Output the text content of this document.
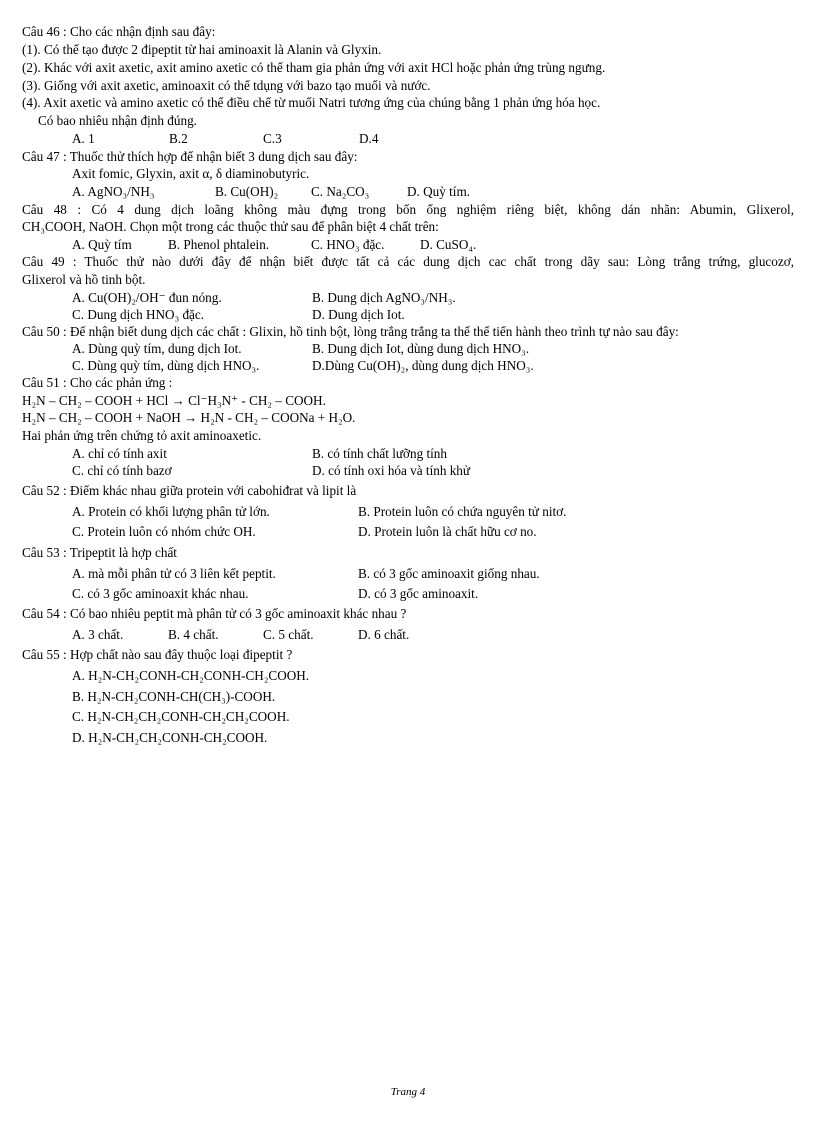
Câu 46 : Cho các nhận định sau đây:
(1). Có thể tạo được 2 đipeptit từ hai aminoaxit là Alanin và Glyxin.
(2). Khác với axit axetic, axit amino axetic có thể tham gia phản ứng với axit HCl hoặc phản ứng trùng ngưng.
(3). Giống với axit axetic, aminoaxit có thể tdụng với bazo tạo muối và nước.
(4). Axit axetic và amino axetic có thể điều chế từ muối Natri tương ứng của chúng bằng 1 phản ứng hóa học.
Có bao nhiêu nhận định đúng.
A. 1	B.2	C.3	D.4
Câu 47 : Thuốc thử thích hợp để nhận biết 3 dung dịch sau đây:
Axit fomic, Glyxin, axit α, δ diaminobutyric.
A. AgNO₃/NH₃	B. Cu(OH)₂ C. Na₂CO₃	D. Quỳ tím.
Câu 48 : Có 4 dung dịch loãng không màu đựng trong bốn ống nghiệm riêng biệt, không dán nhãn: Abumin, Glixerol,
CH₃COOH, NaOH. Chọn một trong các thuộc thử sau để phân biệt 4 chất trên:
A. Quỳ tím	B. Phenol phtalein.	C. HNO₃ đặc.	D. CuSO₄.
Câu 49 : Thuốc thử nào dưới đây để nhận biết được tất cả các dung dịch cac chất trong dãy sau: Lòng trắng trứng, glucozơ,
Glixerol và hồ tinh bột.
A. Cu(OH)₂/OH⁻ đun nóng.	B. Dung dịch AgNO₃/NH₃.
C. Dung dịch HNO₃ đặc.	D. Dung dịch Iot.
Câu 50 : Để nhận biết dung dịch các chất : Glixin, hồ tinh bột, lòng trắng trắng ta thể thể tiến hành theo trình tự nào sau đây:
A. Dùng quỳ tím, dung dịch Iot.	B. Dung dịch Iot, dùng dung dịch HNO₃.
C. Dùng quỳ tím, dùng dịch HNO₃.	D.Dùng Cu(OH)₂, dùng dung dịch HNO₃.
Câu 51 : Cho các phản ứng :
H₂N – CH₂ – COOH + HCl → Cl⁻H₃N⁺ - CH₂ – COOH.
H₂N – CH₂ – COOH + NaOH → H₂N - CH₂ – COONa + H₂O.
Hai phản ứng trên chứng tỏ axit aminoaxetic.
A. chỉ có tính axit	B. có tính chất lưỡng tính
C. chỉ có tính bazơ	D. có tính oxi hóa và tính khử
Câu 52 : Điểm khác nhau giữa protein với cabohiđrat và lipit là
A. Protein có khối lượng phân tử lớn.	B. Protein luôn có chứa nguyên tử nitơ.
C. Protein luôn có nhóm chức OH.	D. Protein luôn là chất hữu cơ no.
Câu 53 : Tripeptit là hợp chất
A. mà mỗi phân tử có 3 liên kết peptit.	B. có 3 gốc aminoaxit giống nhau.
C. có 3 gốc aminoaxit khác nhau.	D. có 3 gốc aminoaxit.
Câu 54 : Có bao nhiêu peptit mà phân tử có 3 gốc aminoaxit khác nhau ?
A. 3 chất.	B. 4 chất.	C. 5 chất.	D. 6 chất.
Câu 55 : Hợp chất nào sau đây thuộc loại đipeptit ?
A. H₂N-CH₂CONH-CH₂CONH-CH₂COOH.
B. H₂N-CH₂CONH-CH(CH₃)-COOH.
C. H₂N-CH₂CH₂CONH-CH₂CH₂COOH.
D. H₂N-CH₂CH₂CONH-CH₂COOH.
Trang 4
